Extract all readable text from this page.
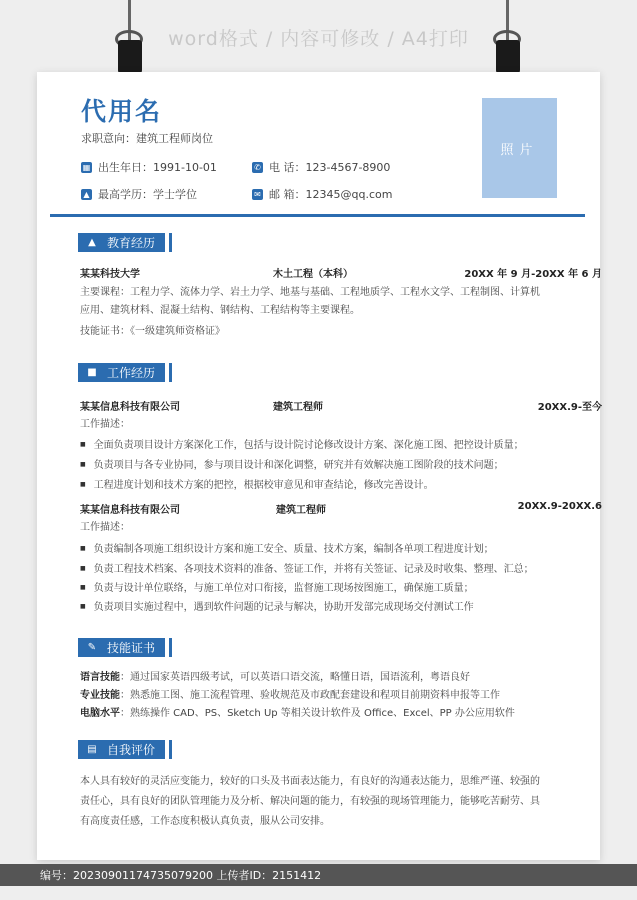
word格式 / 内容可修改 / A4打印
代用名
求职意向：建筑工程师岗位
▦ 出生年日：1991-10-01	✆ 电 话：123-4567-8900
▲ 最高学历：学士学位	✉ 邮 箱：12345@qq.com
照片
▲ 教育经历
某某科技大学	木土工程（本科）	20XX 年 9 月-20XX 年 6 月
主要课程：工程力学、流体力学、岩土力学、地基与基础、工程地质学、工程水文学、工程制图、计算机
应用、建筑材料、混凝土结构、钢结构、工程结构等主要课程。
技能证书：《一级建筑师资格证》
■ 工作经历
某某信息科技有限公司	建筑工程师	20XX.9-至今
工作描述：
■ 全面负责项目设计方案深化工作，包括与设计院讨论修改设计方案、深化施工图、把控设计质量；
■ 负责项目与各专业协同，参与项目设计和深化调整，研究并有效解决施工图阶段的技术问题；
■ 工程进度计划和技术方案的把控，根据校审意见和审查结论，修改完善设计。
某某信息科技有限公司	建筑工程师	20XX.9-20XX.6
工作描述：
■ 负责编制各项施工组织设计方案和施工安全、质量、技术方案，编制各单项工程进度计划；
■ 负责工程技术档案、各项技术资料的准备、签证工作，并将有关签证、记录及时收集、整理、汇总；
■ 负责与设计单位联络，与施工单位对口衔接，监督施工现场按图施工，确保施工质量；
■ 负责项目实施过程中，遇到软件问题的记录与解决，协助开发部完成现场交付测试工作
✎ 技能证书
语言技能：通过国家英语四级考试，可以英语口语交流，略懂日语，国语流利，粤语良好
专业技能：熟悉施工图、施工流程管理、验收规范及市政配套建设和程项目前期资料申报等工作
电脑水平：熟练操作 CAD、PS、Sketch Up 等相关设计软件及 Office、Excel、PP 办公应用软件
▤ 自我评价
本人具有较好的灵活应变能力，较好的口头及书面表达能力，有良好的沟通表达能力，思维严谨、较强的
责任心，具有良好的团队管理能力及分析、解决问题的能力，有较强的现场管理能力，能够吃苦耐劳、具
有高度责任感，工作态度积极认真负责，服从公司安排。
编号：20230901174735079200 上传者ID：2151412
